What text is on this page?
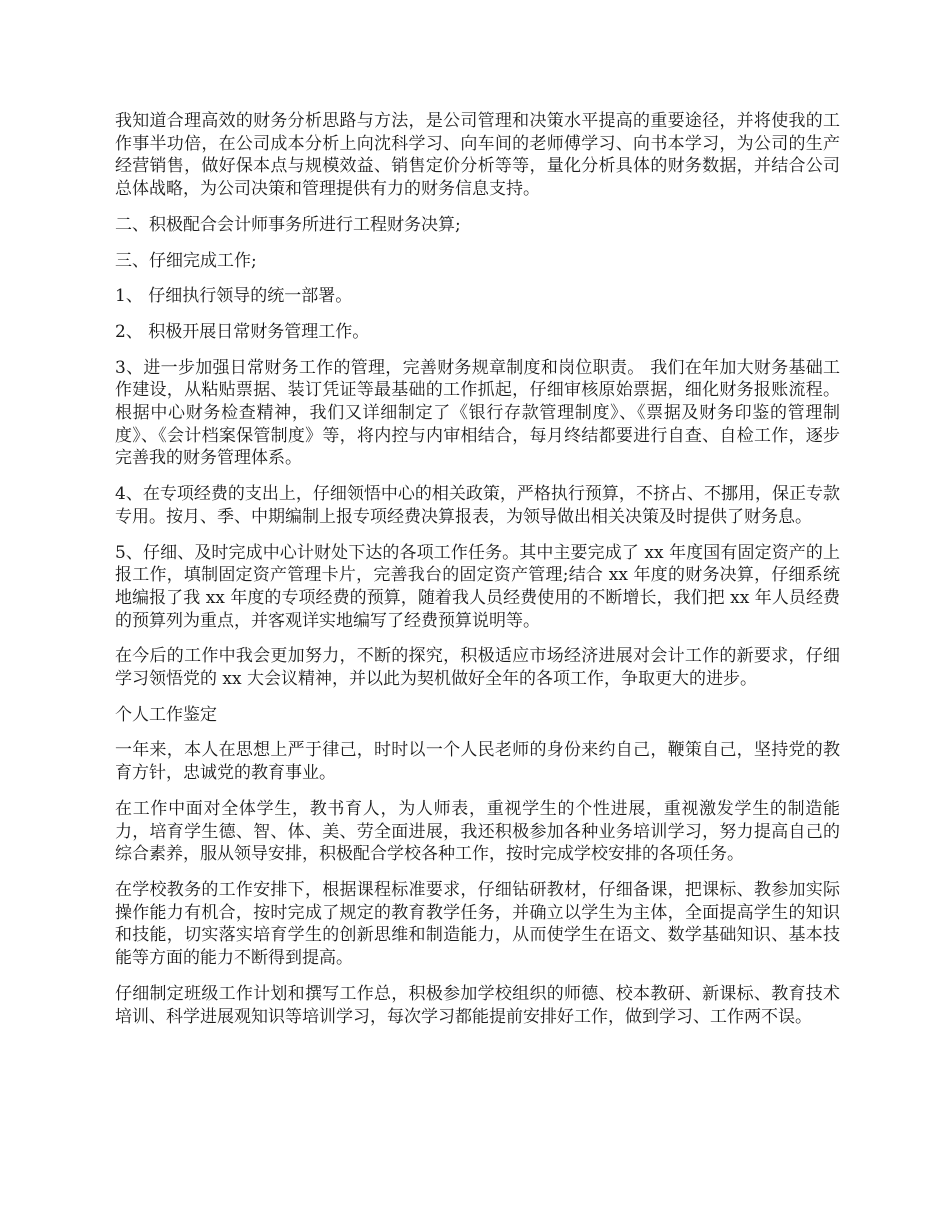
我知道合理高效的财务分析思路与方法，是公司管理和决策水平提高的重要途径，并将使我的工作事半功倍，在公司成本分析上向沈科学习、向车间的老师傅学习、向书本学习，为公司的生产经营销售，做好保本点与规模效益、销售定价分析等等，量化分析具体的财务数据，并结合公司总体战略，为公司决策和管理提供有力的财务信息支持。

二、积极配合会计师事务所进行工程财务决算;

三、仔细完成工作;

1、 仔细执行领导的统一部署。

2、 积极开展日常财务管理工作。

3、进一步加强日常财务工作的管理，完善财务规章制度和岗位职责。 我们在年加大财务基础工作建设，从粘贴票据、装订凭证等最基础的工作抓起，仔细审核原始票据，细化财务报账流程。根据中心财务检查精神，我们又详细制定了《银行存款管理制度》、《票据及财务印鉴的管理制度》、《会计档案保管制度》等，将内控与内审相结合，每月终结都要进行自查、自检工作，逐步完善我的财务管理体系。

4、在专项经费的支出上，仔细领悟中心的相关政策，严格执行预算，不挤占、不挪用，保正专款专用。按月、季、中期编制上报专项经费决算报表，为领导做出相关决策及时提供了财务息。

5、仔细、及时完成中心计财处下达的各项工作任务。其中主要完成了 xx 年度国有固定资产的上报工作，填制固定资产管理卡片，完善我台的固定资产管理;结合 xx 年度的财务决算，仔细系统地编报了我 xx 年度的专项经费的预算，随着我人员经费使用的不断增长，我们把 xx 年人员经费的预算列为重点，并客观详实地编写了经费预算说明等。

在今后的工作中我会更加努力，不断的探究，积极适应市场经济进展对会计工作的新要求，仔细学习领悟党的 xx 大会议精神，并以此为契机做好全年的各项工作，争取更大的进步。

个人工作鉴定

一年来，本人在思想上严于律己，时时以一个人民老师的身份来约自己，鞭策自己，坚持党的教育方针，忠诚党的教育事业。

在工作中面对全体学生，教书育人，为人师表，重视学生的个性进展，重视激发学生的制造能力，培育学生德、智、体、美、劳全面进展，我还积极参加各种业务培训学习，努力提高自己的综合素养，服从领导安排，积极配合学校各种工作，按时完成学校安排的各项任务。

在学校教务的工作安排下，根据课程标准要求，仔细钻研教材，仔细备课，把课标、教参加实际操作能力有机合，按时完成了规定的教育教学任务，并确立以学生为主体，全面提高学生的知识和技能，切实落实培育学生的创新思维和制造能力，从而使学生在语文、数学基础知识、基本技能等方面的能力不断得到提高。

仔细制定班级工作计划和撰写工作总，积极参加学校组织的师德、校本教研、新课标、教育技术培训、科学进展观知识等培训学习，每次学习都能提前安排好工作，做到学习、工作两不误。
